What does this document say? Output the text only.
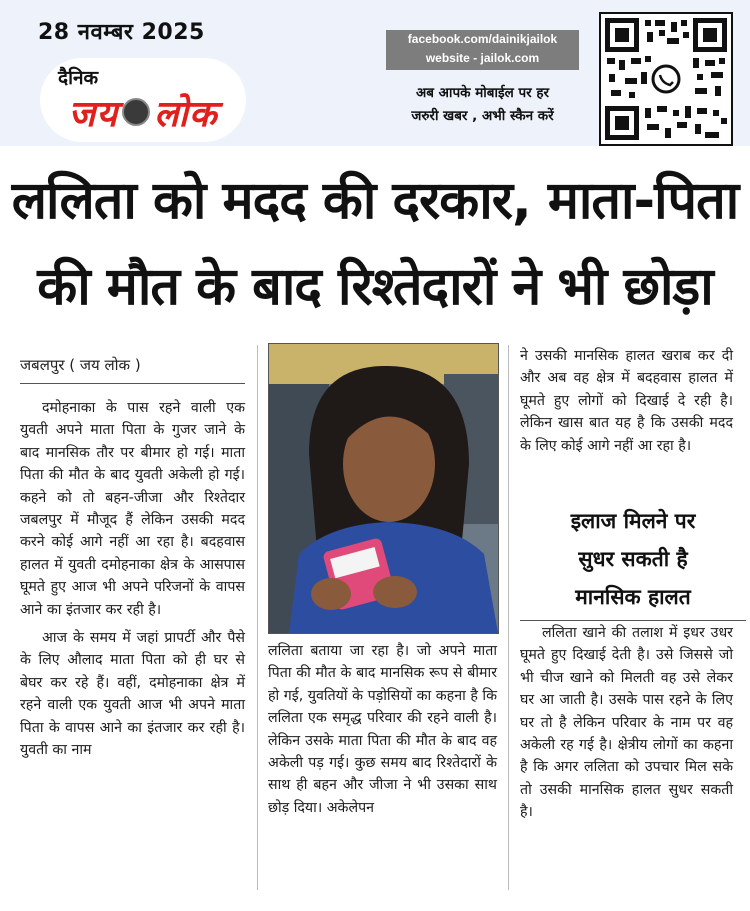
28 नवम्बर 2025
दैनिक
जय लोक
facebook.com/dainikjailok
website - jailok.com
अब आपके मोबाईल पर हर
जरुरी खबर , अभी स्कैन करें
ललिता को मदद की दरकार, माता-पिता
की मौत के बाद रिश्तेदारों ने भी छोड़ा
जबलपुर ( जय लोक )

दमोहनाका के पास रहने वाली एक युवती अपने माता पिता के गुजर जाने के बाद मानसिक तौर पर बीमार हो गई। माता पिता की मौत के बाद युवती अकेली हो गई। कहने को तो बहन-जीजा और रिश्तेदार जबलपुर में मौजूद हैं लेकिन उसकी मदद करने कोई आगे नहीं आ रहा है। बदहवास हालत में युवती दमोहनाका क्षेत्र के आसपास घूमते हुए आज भी अपने परिजनों के वापस आने का इंतजार कर रही है।

आज के समय में जहां प्रापर्टी और पैसे के लिए औलाद माता पिता को ही घर से बेघर कर रहे हैं। वहीं, दमोहनाका क्षेत्र में रहने वाली एक युवती आज भी अपने माता पिता के वापस आने का इंतजार कर रही है। युवती का नाम

ललिता बताया जा रहा है। जो अपने माता पिता की मौत के बाद मानसिक रूप से बीमार हो गई, युवतियों के पड़ोसियों का कहना है कि ललिता एक समृद्ध परिवार की रहने वाली है। लेकिन उसके माता पिता की मौत के बाद वह अकेली पड़ गई। कुछ समय बाद रिश्तेदारों के साथ ही बहन और जीजा ने भी उसका साथ छोड़ दिया। अकेलेपन

ने उसकी मानसिक हालत खराब कर दी और अब वह क्षेत्र में बदहवास हालत में घूमते हुए लोगों को दिखाई दे रही है। लेकिन खास बात यह है कि उसकी मदद के लिए कोई आगे नहीं आ रहा है।

इलाज मिलने पर
सुधर सकती है
मानसिक हालत

ललिता खाने की तलाश में इधर उधर घूमते हुए दिखाई देती है। उसे जिससे जो भी चीज खाने को मिलती वह उसे लेकर घर आ जाती है। उसके पास रहने के लिए घर तो है लेकिन परिवार के नाम पर वह अकेली रह गई है। क्षेत्रीय लोगों का कहना है कि अगर ललिता को उपचार मिल सके तो उसकी मानसिक हालत सुधर सकती है।
